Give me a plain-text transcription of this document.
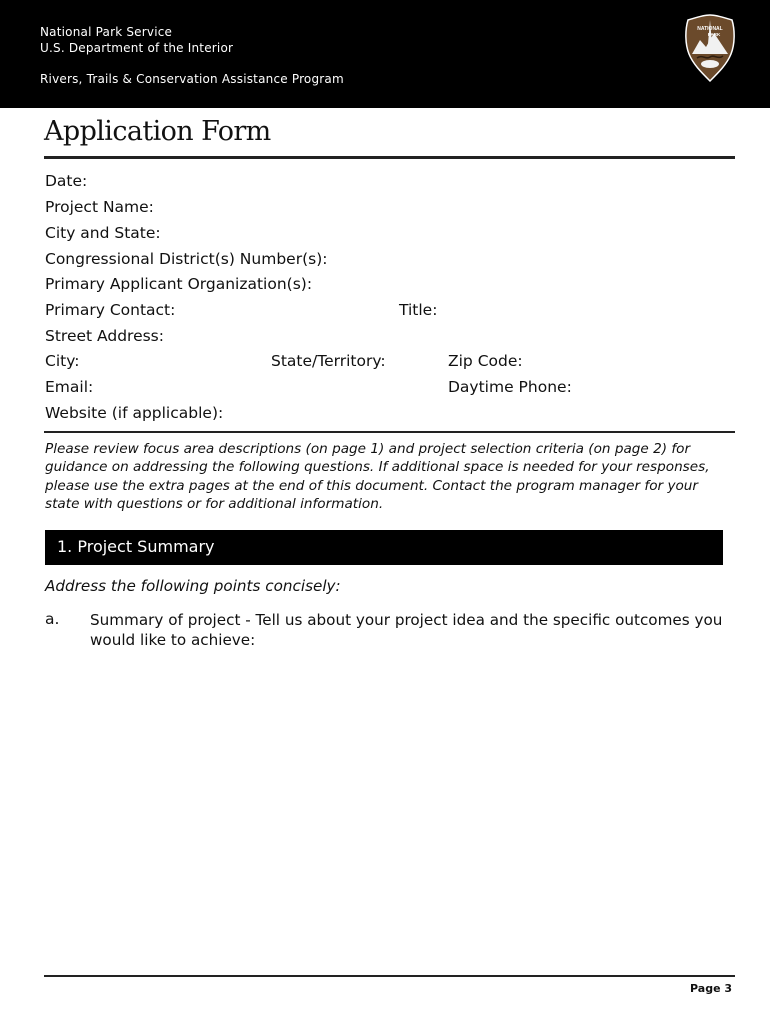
National Park Service
U.S. Department of the Interior
Rivers, Trails & Conservation Assistance Program
NATIONAL
PARK
Application Form
Date:
Project Name:
City and State:
Congressional District(s) Number(s):
Primary Applicant Organization(s):
Primary Contact:	Title:
Street Address:
City:	State/Territory:	Zip Code:
Email:	Daytime Phone:
Website (if applicable):
Please review focus area descriptions (on page 1) and project selection criteria (on page 2) for guidance on addressing the following questions. If additional space is needed for your responses, please use the extra pages at the end of this document. Contact the program manager for your state with questions or for additional information.
1. Project Summary
Address the following points concisely:
a. Summary of project - Tell us about your project idea and the specific outcomes you would like to achieve:
Page 3
